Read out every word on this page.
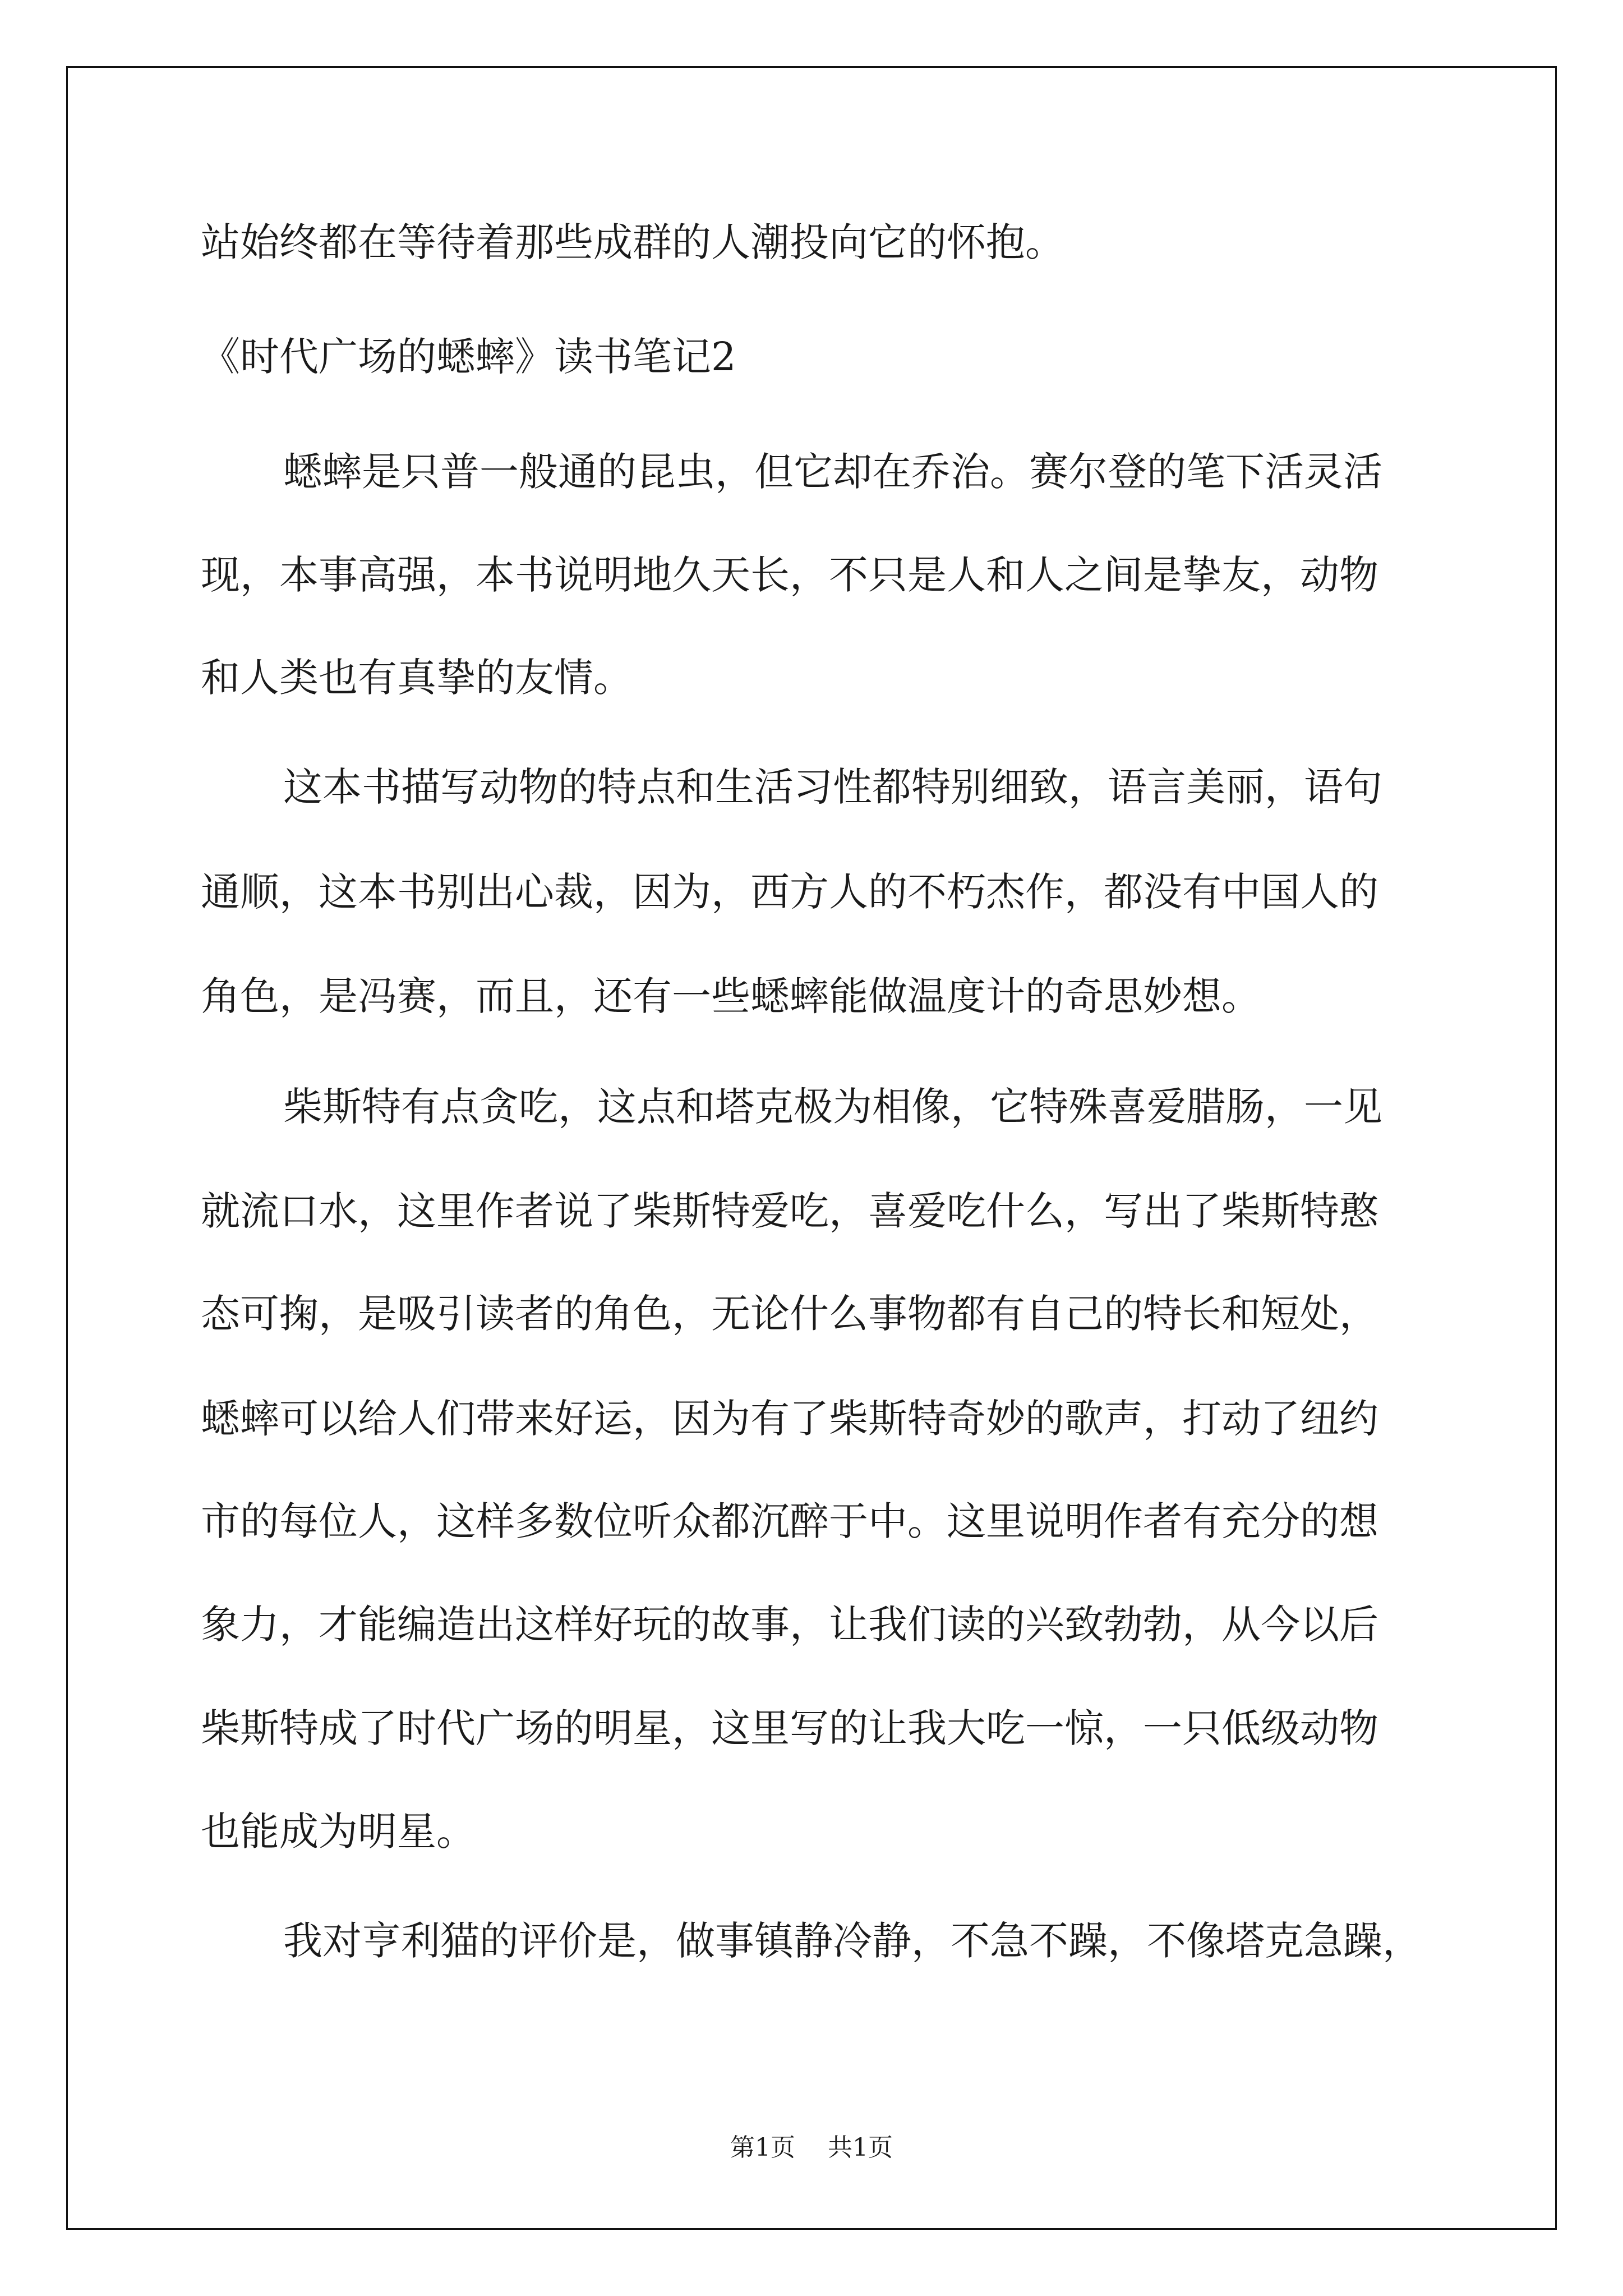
站始终都在等待着那些成群的人潮投向它的怀抱。

《时代广场的蟋蟀》读书笔记2

蟋蟀是只普一般通的昆虫，但它却在乔治。赛尔登的笔下活灵活

现，本事高强，本书说明地久天长，不只是人和人之间是挚友，动物

和人类也有真挚的友情。

这本书描写动物的特点和生活习性都特别细致，语言美丽，语句

通顺，这本书别出心裁，因为，西方人的不朽杰作，都没有中国人的

角色，是冯赛，而且，还有一些蟋蟀能做温度计的奇思妙想。

柴斯特有点贪吃，这点和塔克极为相像，它特殊喜爱腊肠，一见

就流口水，这里作者说了柴斯特爱吃，喜爱吃什么，写出了柴斯特憨

态可掬，是吸引读者的角色，无论什么事物都有自己的特长和短处，

蟋蟀可以给人们带来好运，因为有了柴斯特奇妙的歌声，打动了纽约

市的每位人，这样多数位听众都沉醉于中。这里说明作者有充分的想

象力，才能编造出这样好玩的故事，让我们读的兴致勃勃，从今以后

柴斯特成了时代广场的明星，这里写的让我大吃一惊，一只低级动物

也能成为明星。

我对亨利猫的评价是，做事镇静冷静，不急不躁，不像塔克急躁，

第1页 共1页
